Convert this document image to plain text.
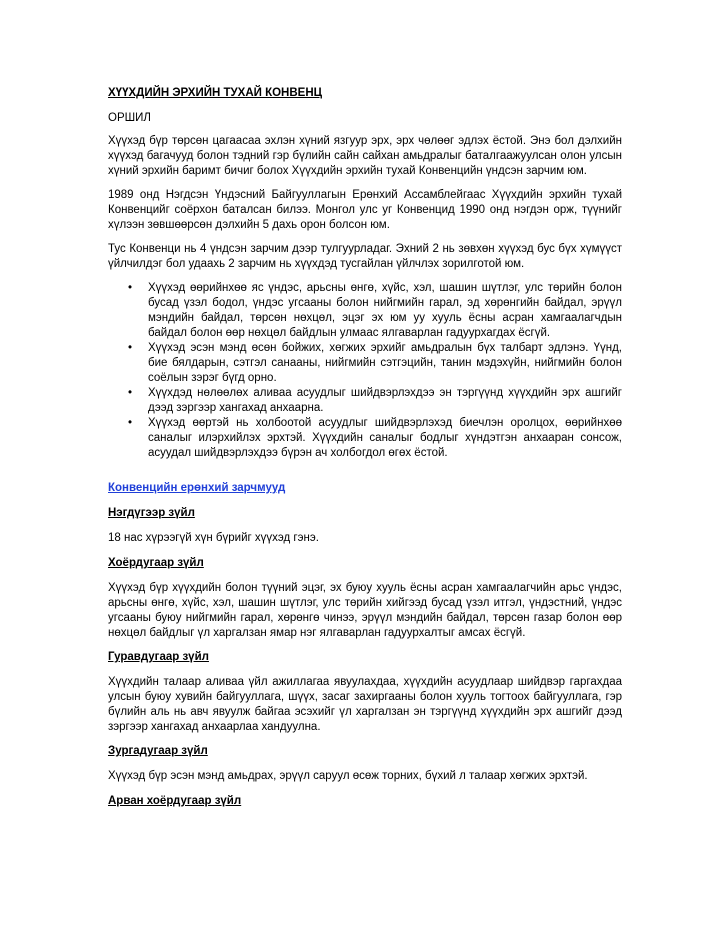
ХҮҮХДИЙН ЭРХИЙН ТУХАЙ КОНВЕНЦ
ОРШИЛ

Хүүхэд бүр төрсөн цагаасаа эхлэн хүний язгуур эрх, эрх чөлөөг эдлэх ёстой. Энэ бол дэлхийн хүүхэд багачууд болон тэдний гэр бүлийн сайн сайхан амьдралыг баталгаажуулсан олон улсын хүний эрхийн баримт бичиг болох Хүүхдийн эрхийн тухай Конвенцийн үндсэн зарчим юм.

1989 онд Нэгдсэн Үндэсний Байгууллагын Ерөнхий Ассамблейгаас Хүүхдийн эрхийн тухай Конвенцийг соёрхон баталсан билээ. Монгол улс уг Конвенцид 1990 онд нэгдэн орж, түүнийг хүлээн зөвшөөрсөн дэлхийн 5 дахь орон болсон юм.

Тус Конвенци нь 4 үндсэн зарчим дээр тулгуурладаг. Эхний 2 нь зөвхөн хүүхэд бус бүх хүмүүст үйлчилдэг бол удаахь 2 зарчим нь хүүхдэд тусгайлан үйлчлэх зорилготой юм.

• Хүүхэд өөрийнхөө яс үндэс, арьсны өнгө, хүйс, хэл, шашин шүтлэг, улс төрийн болон бусад үзэл бодол, үндэс угсааны болон нийгмийн гарал, эд хөрөнгийн байдал, эрүүл мэндийн байдал, төрсөн нөхцөл, эцэг эх юм уу хууль ёсны асран хамгаалагчдын байдал болон өөр нөхцөл байдлын улмаас ялгаварлан гадуурхагдах ёсгүй.
• Хүүхэд эсэн мэнд өсөн бойжих, хөгжих эрхийг амьдралын бүх талбарт эдлэнэ. Үүнд, бие бялдарын, сэтгэл санааны, нийгмийн сэтгэцийн, танин мэдэхүйн, нийгмийн болон соёлын зэрэг бүгд орно.
• Хүүхдэд нөлөөлөх аливаа асуудлыг шийдвэрлэхдээ эн тэргүүнд хүүхдийн эрх ашгийг дээд зэргээр хангахад анхаарна.
• Хүүхэд өөртэй нь холбоотой асуудлыг шийдвэрлэхэд биечлэн оролцох, өөрийнхөө саналыг илэрхийлэх эрхтэй. Хүүхдийн саналыг бодлыг хүндэтгэн анхааран сонсож, асуудал шийдвэрлэхдээ бүрэн ач холбогдол өгөх ёстой.
Конвенцийн ерөнхий зарчмууд
Нэгдүгээр зүйл

18 нас хүрээгүй хүн бүрийг хүүхэд гэнэ.

Хоёрдугаар зүйл

Хүүхэд бүр хүүхдийн болон түүний эцэг, эх буюу хууль ёсны асран хамгаалагчийн арьс үндэс, арьсны өнгө, хүйс, хэл, шашин шүтлэг, улс төрийн хийгээд бусад үзэл итгэл, үндэстний, үндэс угсааны буюу нийгмийн гарал, хөрөнгө чинээ, эрүүл мэндийн байдал, төрсөн газар болон өөр нөхцөл байдлыг үл харгалзан ямар нэг ялгаварлан гадуурхалтыг амсах ёсгүй.

Гуравдугаар зүйл

Хүүхдийн талаар аливаа үйл ажиллагаа явуулахдаа, хүүхдийн асуудлаар шийдвэр гаргахдаа улсын буюу хувийн байгууллага, шүүх, засаг захиргааны болон хууль тогтоох байгууллага, гэр бүлийн аль нь авч явуулж байгаа эсэхийг үл харгалзан эн тэргүүнд хүүхдийн эрх ашгийг дээд зэргээр хангахад анхаарлаа хандуулна.

Зургадугаар зүйл

Хүүхэд бүр эсэн мэнд амьдрах, эрүүл саруул өсөж торних, бүхий л талаар хөгжих эрхтэй.

Арван хоёрдугаар зүйл
